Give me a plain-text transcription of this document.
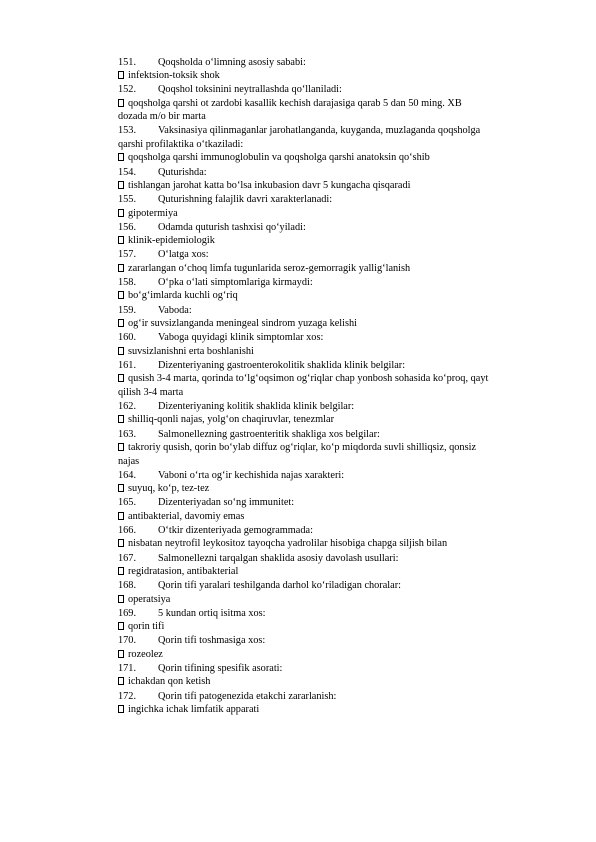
151. Qoqsholda o‘limning asosiy sababi:
infektsion-toksik shok
152. Qoqshol toksinini neytrallashda qo‘llaniladi:
qoqsholga qarshi ot zardobi kasallik kechish darajasiga qarab 5 dan 50 ming. XB
dozada m/o bir marta
153. Vaksinasiya qilinmaganlar jarohatlanganda, kuyganda, muzlaganda qoqsholga
qarshi profilaktika o‘tkaziladi:
qoqsholga qarshi immunoglobulin va qoqsholga qarshi anatoksin qo‘shib
154. Quturishda:
tishlangan jarohat katta bo‘lsa inkubasion davr 5 kungacha qisqaradi
155. Quturishning falajlik davri xarakterlanadi:
gipotermiya
156. Odamda quturish tashxisi qo‘yiladi:
klinik-epidemiologik
157. O‘latga xos:
zararlangan o‘choq limfa tugunlarida seroz-gemorragik yallig‘lanish
158. O‘pka o‘lati simptomlariga kirmaydi:
bo‘g‘imlarda kuchli og‘riq
159. Vaboda:
og‘ir suvsizlanganda meningeal sindrom yuzaga kelishi
160. Vaboga quyidagi klinik simptomlar xos:
suvsizlanishni erta boshlanishi
161. Dizenteriyaning gastroenterokolitik shaklida klinik belgilar:
qusish 3-4 marta, qorinda to‘lg‘oqsimon og‘riqlar chap yonbosh sohasida ko‘proq, qayt
qilish 3-4 marta
162. Dizenteriyaning kolitik shaklida klinik belgilar:
shilliq-qonli najas, yolg‘on chaqiruvlar, tenezmlar
163. Salmonellezning gastroenteritik shakliga xos belgilar:
takroriy qusish, qorin bo‘ylab diffuz og‘riqlar, ko‘p miqdorda suvli shilliqsiz, qonsiz
najas
164. Vaboni o‘rta og‘ir kechishida najas xarakteri:
suyuq, ko‘p, tez-tez
165. Dizenteriyadan so‘ng immunitet:
antibakterial, davomiy emas
166. O‘tkir dizenteriyada gemogrammada:
nisbatan neytrofil leykositoz tayoqcha yadrolilar hisobiga chapga siljish bilan
167. Salmonellezni tarqalgan shaklida asosiy davolash usullari:
regidratasion, antibakterial
168. Qorin tifi yaralari teshilganda darhol ko‘riladigan choralar:
operatsiya
169. 5 kundan ortiq isitma xos:
qorin tifi
170. Qorin tifi toshmasiga xos:
rozeolez
171. Qorin tifining spesifik asorati:
ichakdan qon ketish
172. Qorin tifi patogenezida etakchi zararlanish:
ingichka ichak limfatik apparati
